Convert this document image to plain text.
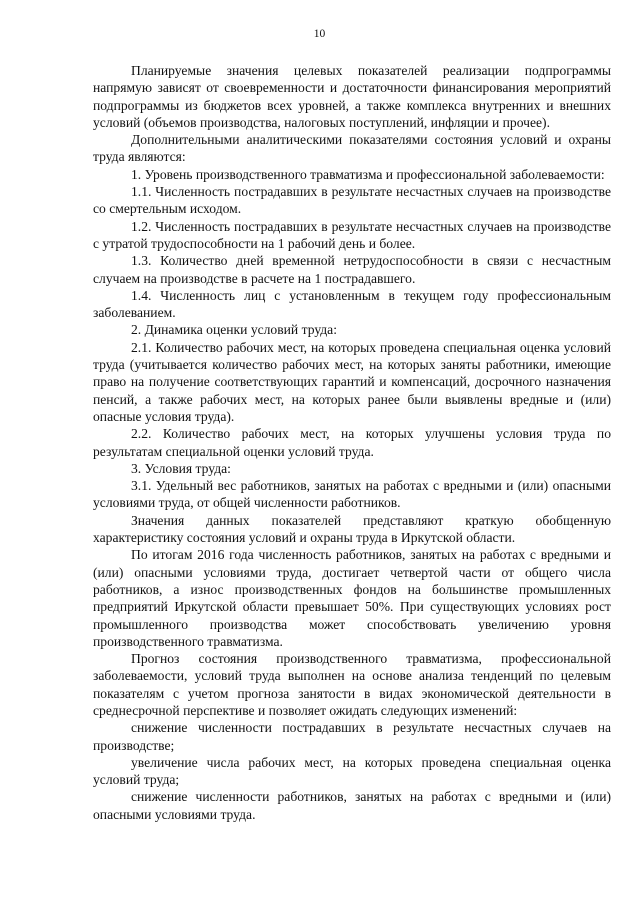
10

Планируемые значения целевых показателей реализации подпрограммы напрямую зависят от своевременности и достаточности финансирования мероприятий подпрограммы из бюджетов всех уровней, а также комплекса внутренних и внешних условий (объемов производства, налоговых поступлений, инфляции и прочее).

Дополнительными аналитическими показателями состояния условий и охраны труда являются:

1. Уровень производственного травматизма и профессиональной заболеваемости:

1.1. Численность пострадавших в результате несчастных случаев на производстве со смертельным исходом.

1.2. Численность пострадавших в результате несчастных случаев на производстве с утратой трудоспособности на 1 рабочий день и более.

1.3. Количество дней временной нетрудоспособности в связи с несчастным случаем на производстве в расчете на 1 пострадавшего.

1.4. Численность лиц с установленным в текущем году профессиональным заболеванием.

2. Динамика оценки условий труда:

2.1. Количество рабочих мест, на которых проведена специальная оценка условий труда (учитывается количество рабочих мест, на которых заняты работники, имеющие право на получение соответствующих гарантий и компенсаций, досрочного назначения пенсий, а также рабочих мест, на которых ранее были выявлены вредные и (или) опасные условия труда).

2.2. Количество рабочих мест, на которых улучшены условия труда по результатам специальной оценки условий труда.

3. Условия труда:

3.1. Удельный вес работников, занятых на работах с вредными и (или) опасными условиями труда, от общей численности работников.

Значения данных показателей представляют краткую обобщенную характеристику состояния условий и охраны труда в Иркутской области.

По итогам 2016 года численность работников, занятых на работах с вредными и (или) опасными условиями труда, достигает четвертой части от общего числа работников, а износ производственных фондов на большинстве промышленных предприятий Иркутской области превышает 50%. При существующих условиях рост промышленного производства может способствовать увеличению уровня производственного травматизма.

Прогноз состояния производственного травматизма, профессиональной заболеваемости, условий труда выполнен на основе анализа тенденций по целевым показателям с учетом прогноза занятости в видах экономической деятельности в среднесрочной перспективе и позволяет ожидать следующих изменений:

снижение численности пострадавших в результате несчастных случаев на производстве;

увеличение числа рабочих мест, на которых проведена специальная оценка условий труда;

снижение численности работников, занятых на работах с вредными и (или) опасными условиями труда.
